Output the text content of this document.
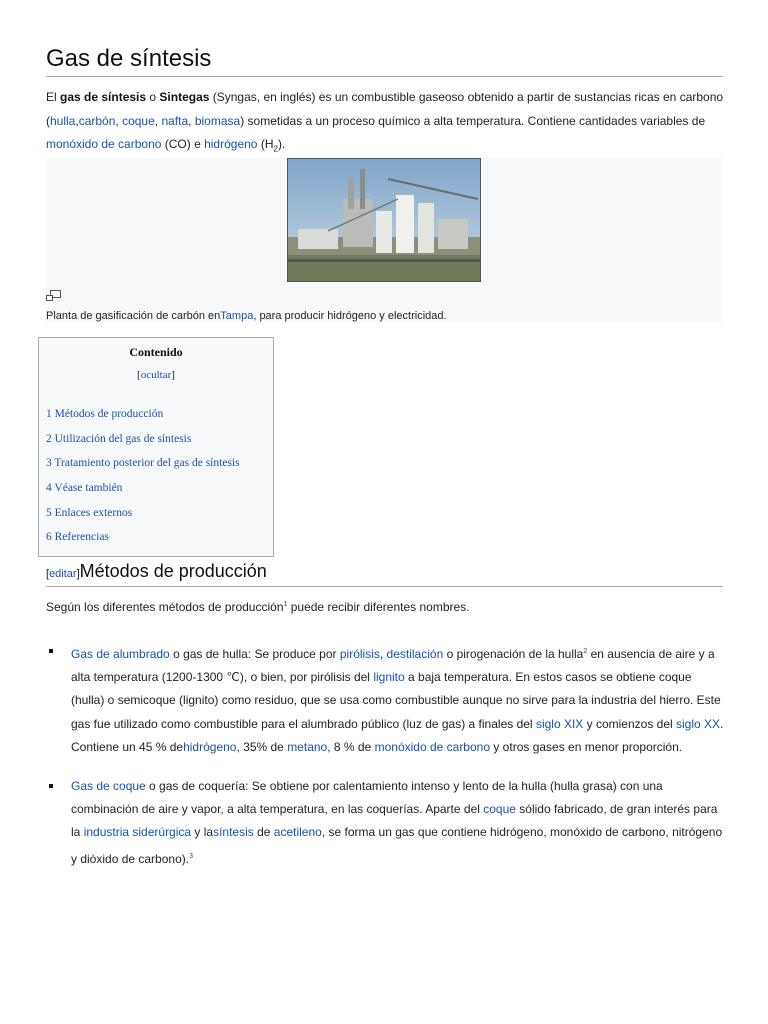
Gas de síntesis
El gas de síntesis o Sintegas (Syngas, en inglés) es un combustible gaseoso obtenido a partir de sustancias ricas en carbono (hulla,carbón, coque, nafta, biomasa) sometidas a un proceso químico a alta temperatura. Contiene cantidades variables de monóxido de carbono (CO) e hidrógeno $(H_2)$.
Planta de gasificación de carbón enTampa, para producir hidrógeno y electricidad.
Contenido
[ocultar]
1 Métodos de producción
2 Utilización del gas de síntesis
3 Tratamiento posterior del gas de síntesis
4 Véase también
5 Enlaces externos
6 Referencias
[editar]Métodos de producción
Según los diferentes métodos de producción$^1$ puede recibir diferentes nombres.
Gas de alumbrado o gas de hulla: Se produce por pirólisis, destilación o pirogenación de la hulla$^2$ en ausencia de aire y a alta temperatura (1200-1300 ℃), o bien, por pirólisis del lignito a baja temperatura. En estos casos se obtiene coque (hulla) o semicoque (lignito) como residuo, que se usa como combustible aunque no sirve para la industria del hierro. Este gas fue utilizado como combustible para el alumbrado público (luz de gas) a finales del siglo XIX y comienzos del siglo XX. Contiene un 45 % dehidrógeno, 35% de metano, 8 % de monóxido de carbono y otros gases en menor proporción.
Gas de coque o gas de coquería: Se obtiene por calentamiento intenso y lento de la hulla (hulla grasa) con una combinación de aire y vapor, a alta temperatura, en las coquerías. Aparte del coque sólido fabricado, de gran interés para la industria siderúrgica y lasíntesis de acetileno, se forma un gas que contiene hidrógeno, monóxido de carbono, nitrógeno y dióxido de carbono).$^3$
